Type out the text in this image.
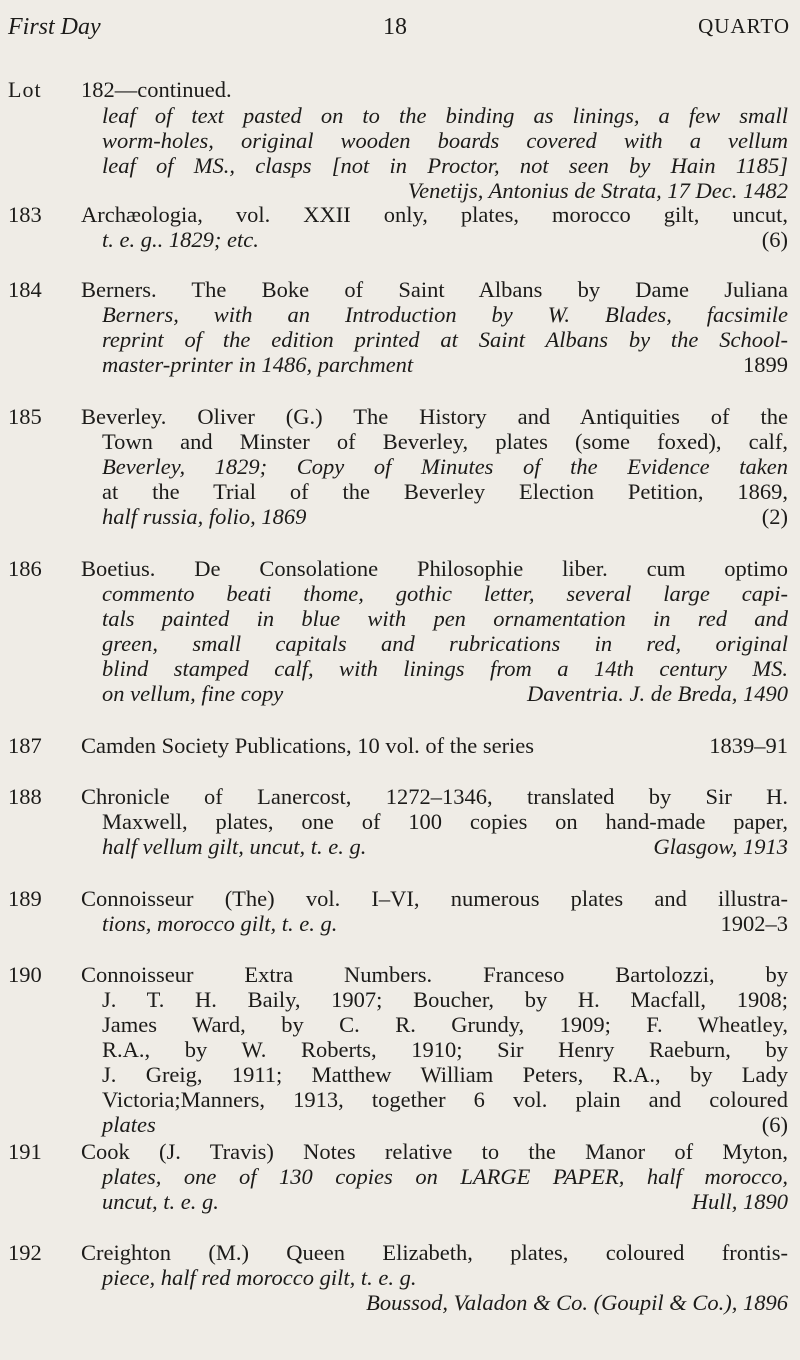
First Day	18	QUARTO
Lot 182—continued.
leaf of text pasted on to the binding as linings, a few small
worm-holes, original wooden boards covered with a vellum
leaf of MS., clasps [not in Proctor, not seen by Hain 1185]
Venetijs, Antonius de Strata, 17 Dec. 1482
183 Archæologia, vol. XXII only, plates, morocco gilt, uncut,
t. e. g.. 1829; etc.	(6)
184 Berners. The Boke of Saint Albans by Dame Juliana
Berners, with an Introduction by W. Blades, facsimile
reprint of the edition printed at Saint Albans by the School-
master-printer in 1486, parchment	1899
185 Beverley. Oliver (G.) The History and Antiquities of the
Town and Minster of Beverley, plates (some foxed), calf,
Beverley, 1829; Copy of Minutes of the Evidence taken
at the Trial of the Beverley Election Petition, 1869,
half russia, folio, 1869	(2)
186 Boetius. De Consolatione Philosophie liber. cum optimo
commento beati thome, gothic letter, several large capi-
tals painted in blue with pen ornamentation in red and
green, small capitals and rubrications in red, original
blind stamped calf, with linings from a 14th century MS.
on vellum, fine copy	Daventria. J. de Breda, 1490
187 Camden Society Publications, 10 vol. of the series	1839–91
188 Chronicle of Lanercost, 1272–1346, translated by Sir H.
Maxwell, plates, one of 100 copies on hand-made paper,
half vellum gilt, uncut, t. e. g.	Glasgow, 1913
189 Connoisseur (The) vol. I–VI, numerous plates and illustra-
tions, morocco gilt, t. e. g.	1902–3
190 Connoisseur Extra Numbers. Franceso Bartolozzi, by
J. T. H. Baily, 1907; Boucher, by H. Macfall, 1908;
James Ward, by C. R. Grundy, 1909; F. Wheatley,
R.A., by W. Roberts, 1910; Sir Henry Raeburn, by
J. Greig, 1911; Matthew William Peters, R.A., by Lady
Victoria;Manners, 1913, together 6 vol. plain and coloured
plates	(6)
191 Cook (J. Travis) Notes relative to the Manor of Myton,
plates, one of 130 copies on LARGE PAPER, half morocco,
uncut, t. e. g.	Hull, 1890
192 Creighton (M.) Queen Elizabeth, plates, coloured frontis-
piece, half red morocco gilt, t. e. g.
Boussod, Valadon & Co. (Goupil & Co.), 1896
